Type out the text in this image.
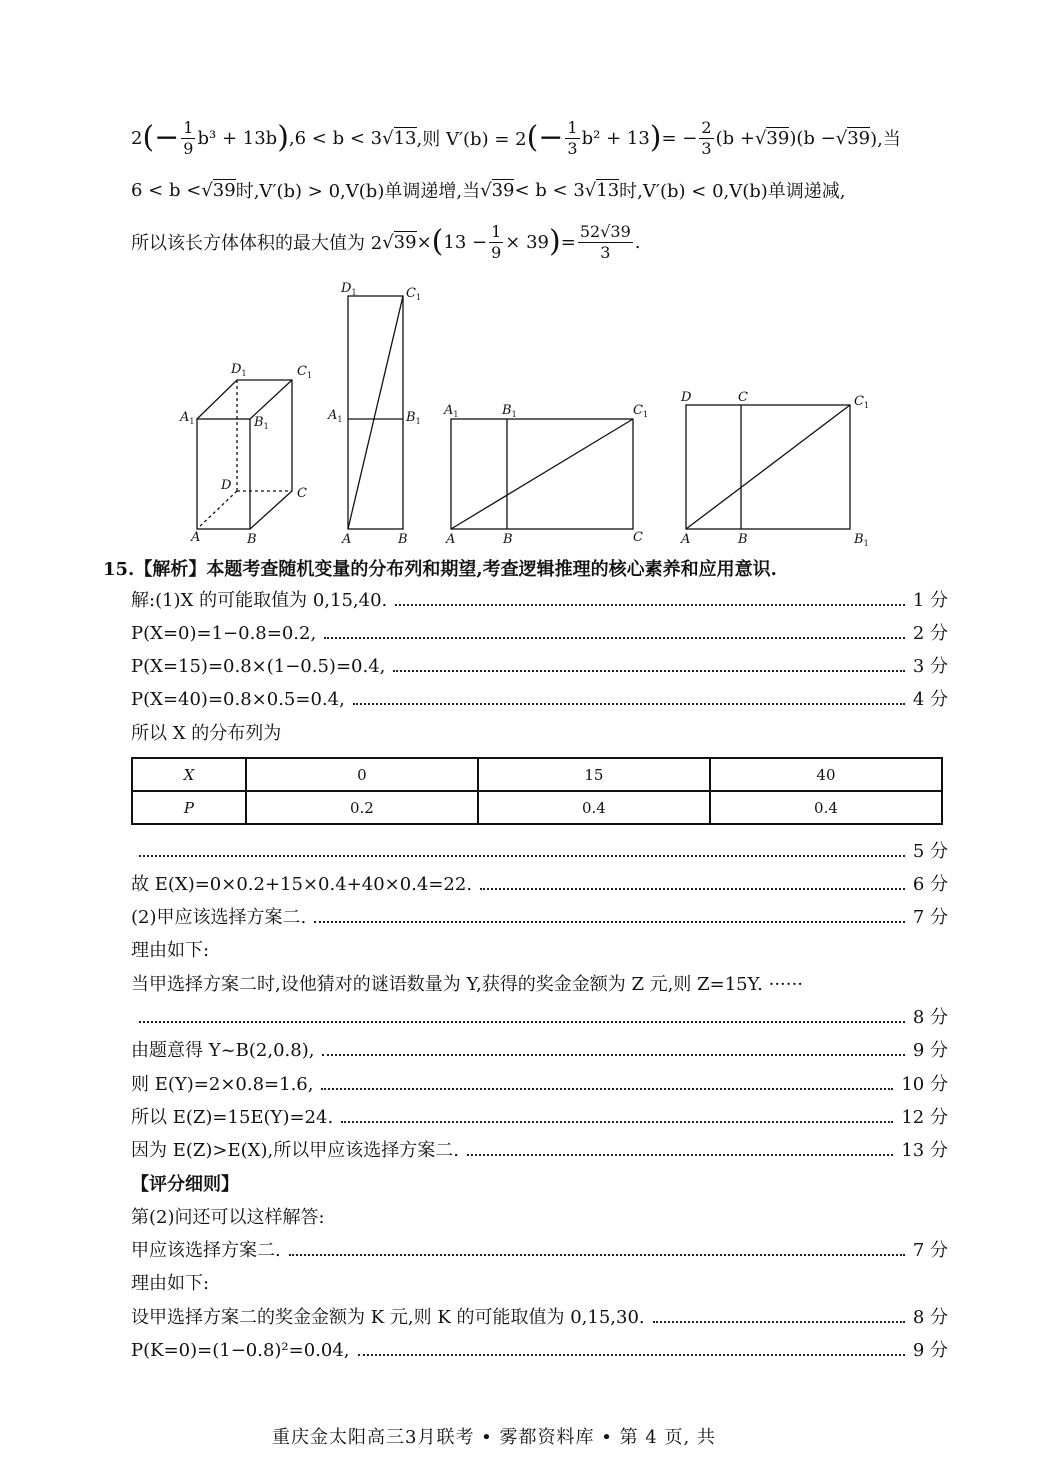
2 (− $\frac{1}{9} b^3 + 13b$ ) ,6 < b < 3 √13 ,则 V′(b) = 2 (− $\frac{1}{3} b^2 + 13$ ) = − $\frac{2}{3} (b + √39$ )(b − √39 ),当
6 < b < √39 时,V′(b) > 0,V(b)单调递增,当 √39 < b < 3 √13 时,V′(b) < 0,V(b)单调递减,
所以该长方体体积的最大值为 2 √39 × ( $13 - \frac{1}{9} \times 39$ ) = $\frac{52√39}{3}$ .
$D_1$	$C_1$
$A_1$	$B_1$
D
C
A	B
$D_1$	$C_1$
$A_1$	$B_1$
A	B
$A_1$	$B_1$	$C_1$
A	B	C
D	C	$C_1$
A	B	$B_1$
15.【解析】本题考查随机变量的分布列和期望,考查逻辑推理的核心素养和应用意识.
解:(1)X 的可能取值为 0,15,40.	1 分
P(X=0)=1−0.8=0.2,	2 分
P(X=15)=0.8×(1−0.5)=0.4,	3 分
P(X=40)=0.8×0.5=0.4,	4 分
所以 X 的分布列为
5 分
故 E(X)=0×0.2+15×0.4+40×0.4=22.	6 分
(2)甲应该选择方案二.	7 分
理由如下:
当甲选择方案二时,设他猜对的谜语数量为 Y,获得的奖金金额为 Z 元,则 Z=15Y. ······
8 分
由题意得 Y~B(2,0.8),	9 分
则 E(Y)=2×0.8=1.6,	10 分
所以 E(Z)=15E(Y)=24.	12 分
因为 E(Z)>E(X),所以甲应该选择方案二.	13 分
【评分细则】
第(2)问还可以这样解答:
甲应该选择方案二.	7 分
理由如下:
设甲选择方案二的奖金金额为 K 元,则 K 的可能取值为 0,15,30.	8 分
P(K=0)=(1−0.8)²=0.04,	9 分
X	0	15	40
P	0.2	0.4	0.4
重庆金太阳高三3月联考 • 雾都资料库 • 第 4 页, 共
